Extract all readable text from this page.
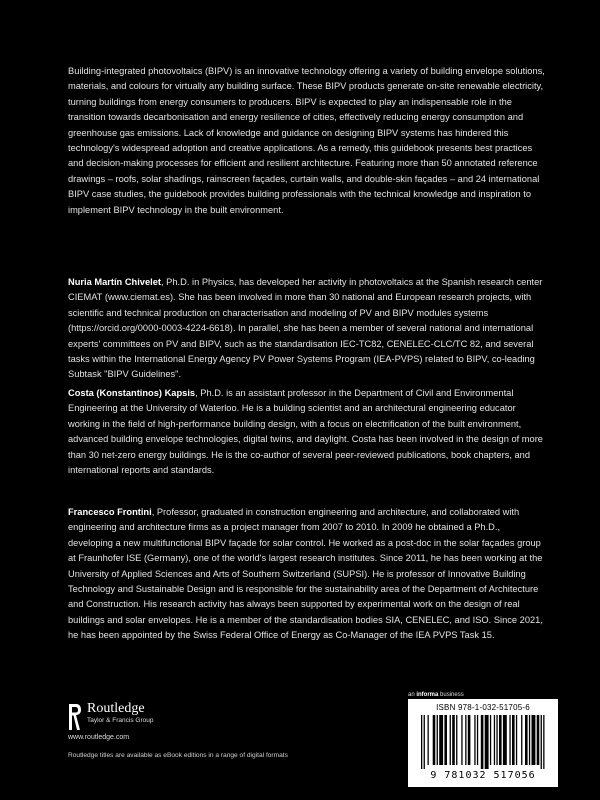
Building-integrated photovoltaics (BIPV) is an innovative technology offering a variety of building envelope solutions, materials, and colours for virtually any building surface. These BIPV products generate on-site renewable electricity, turning buildings from energy consumers to producers. BIPV is expected to play an indispensable role in the transition towards decarbonisation and energy resilience of cities, effectively reducing energy consumption and greenhouse gas emissions. Lack of knowledge and guidance on designing BIPV systems has hindered this technology's widespread adoption and creative applications. As a remedy, this guidebook presents best practices and decision-making processes for efficient and resilient architecture. Featuring more than 50 annotated reference drawings – roofs, solar shadings, rainscreen façades, curtain walls, and double-skin façades – and 24 international BIPV case studies, the guidebook provides building professionals with the technical knowledge and inspiration to implement BIPV technology in the built environment.

Nuria Martín Chivelet, Ph.D. in Physics, has developed her activity in photovoltaics at the Spanish research center CIEMAT (www.ciemat.es). She has been involved in more than 30 national and European research projects, with scientific and technical production on characterisation and modeling of PV and BIPV modules systems (https://orcid.org/0000-0003-4224-6618). In parallel, she has been a member of several national and international experts' committees on PV and BIPV, such as the standardisation IEC-TC82, CENELEC-CLC/TC 82, and several tasks within the International Energy Agency PV Power Systems Program (IEA-PVPS) related to BIPV, co-leading Subtask "BIPV Guidelines".

Costa (Konstantinos) Kapsis, Ph.D. is an assistant professor in the Department of Civil and Environmental Engineering at the University of Waterloo. He is a building scientist and an architectural engineering educator working in the field of high-performance building design, with a focus on electrification of the built environment, advanced building envelope technologies, digital twins, and daylight. Costa has been involved in the design of more than 30 net-zero energy buildings. He is the co-author of several peer-reviewed publications, book chapters, and international reports and standards.

Francesco Frontini, Professor, graduated in construction engineering and architecture, and collaborated with engineering and architecture firms as a project manager from 2007 to 2010. In 2009 he obtained a Ph.D., developing a new multifunctional BIPV façade for solar control. He worked as a post-doc in the solar façades group at Fraunhofer ISE (Germany), one of the world's largest research institutes. Since 2011, he has been working at the University of Applied Sciences and Arts of Southern Switzerland (SUPSI). He is professor of Innovative Building Technology and Sustainable Design and is responsible for the sustainability area of the Department of Architecture and Construction. His research activity has always been supported by experimental work on the design of real buildings and solar envelopes. He is a member of the standardisation bodies SIA, CENELEC, and ISO. Since 2021, he has been appointed by the Swiss Federal Office of Energy as Co-Manager of the IEA PVPS Task 15.

Routledge
Taylor & Francis Group
www.routledge.com
Routledge titles are available as eBook editions in a range of digital formats
an informa business
ISBN 978-1-032-51705-6
9 781032 517056
